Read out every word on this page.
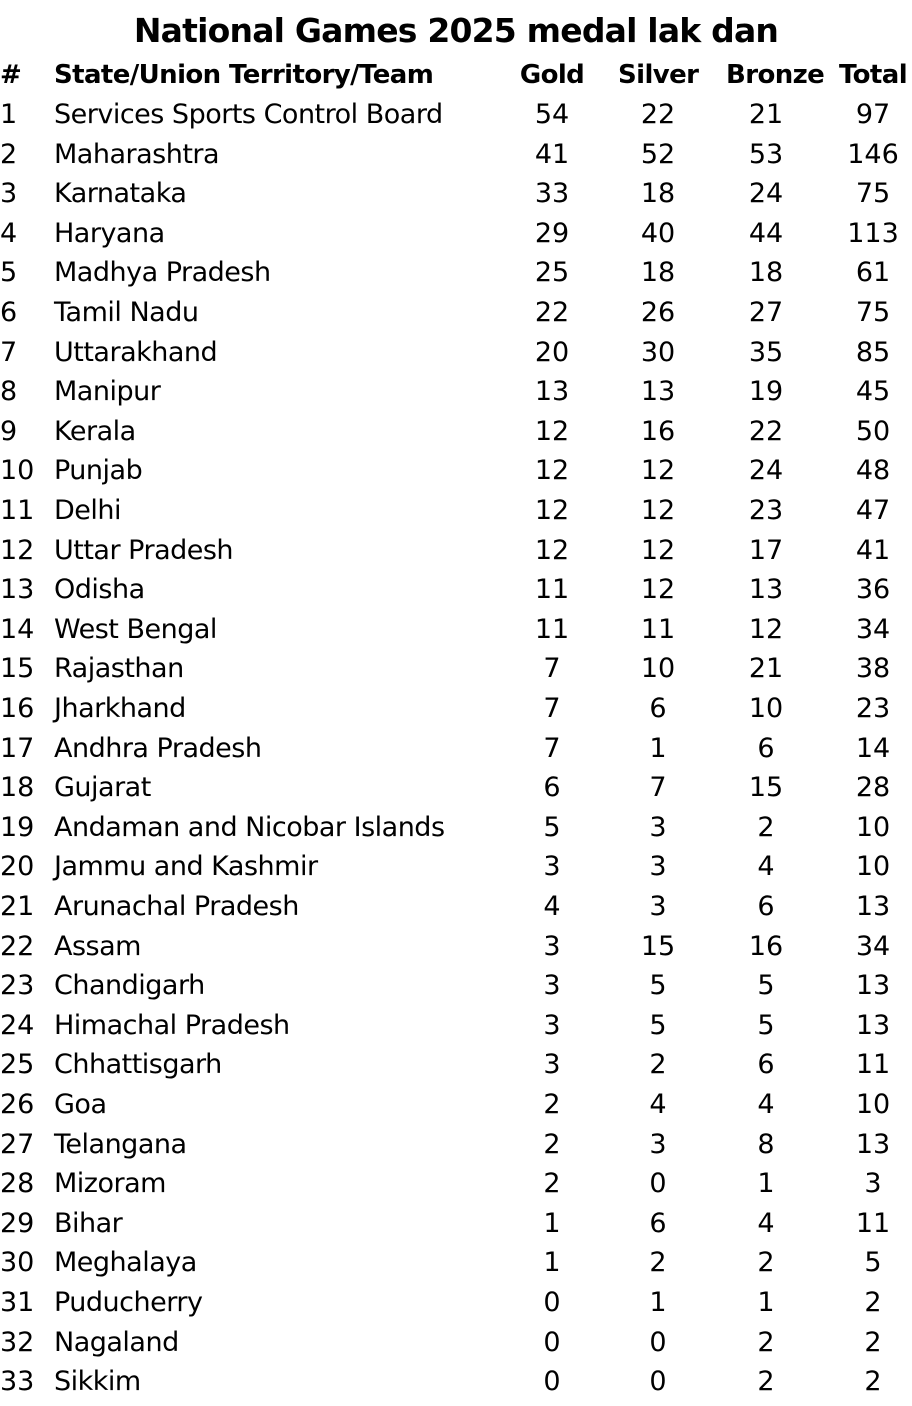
National Games 2025 medal lak dan
#	State/Union Territory/Team	Gold	Silver Bronze Total
1	Services Sports Control Board	54	22	21	97
2	Maharashtra	41	52	53	146
3	Karnataka	33	18	24	75
4	Haryana	29	40	44	113
5	Madhya Pradesh	25	18	18	61
6	Tamil Nadu	22	26	27	75
7	Uttarakhand	20	30	35	85
8	Manipur	13	13	19	45
9	Kerala	12	16	22	50
10 Punjab	12	12	24	48
11 Delhi	12	12	23	47
12 Uttar Pradesh	12	12	17	41
13 Odisha	11	12	13	36
14 West Bengal	11	11	12	34
15 Rajasthan	7	10	21	38
16 Jharkhand	7	6	10	23
17 Andhra Pradesh	7	1	6	14
18 Gujarat	6	7	15	28
19 Andaman and Nicobar Islands	5	3	2	10
20 Jammu and Kashmir	3	3	4	10
21 Arunachal Pradesh	4	3	6	13
22 Assam	3	15	16	34
23 Chandigarh	3	5	5	13
24 Himachal Pradesh	3	5	5	13
25 Chhattisgarh	3	2	6	11
26 Goa	2	4	4	10
27 Telangana	2	3	8	13
28 Mizoram	2	0	1	3
29 Bihar	1	6	4	11
30 Meghalaya	1	2	2	5
31 Puducherry	0	1	1	2
32 Nagaland	0	0	2	2
33 Sikkim	0	0	2	2
